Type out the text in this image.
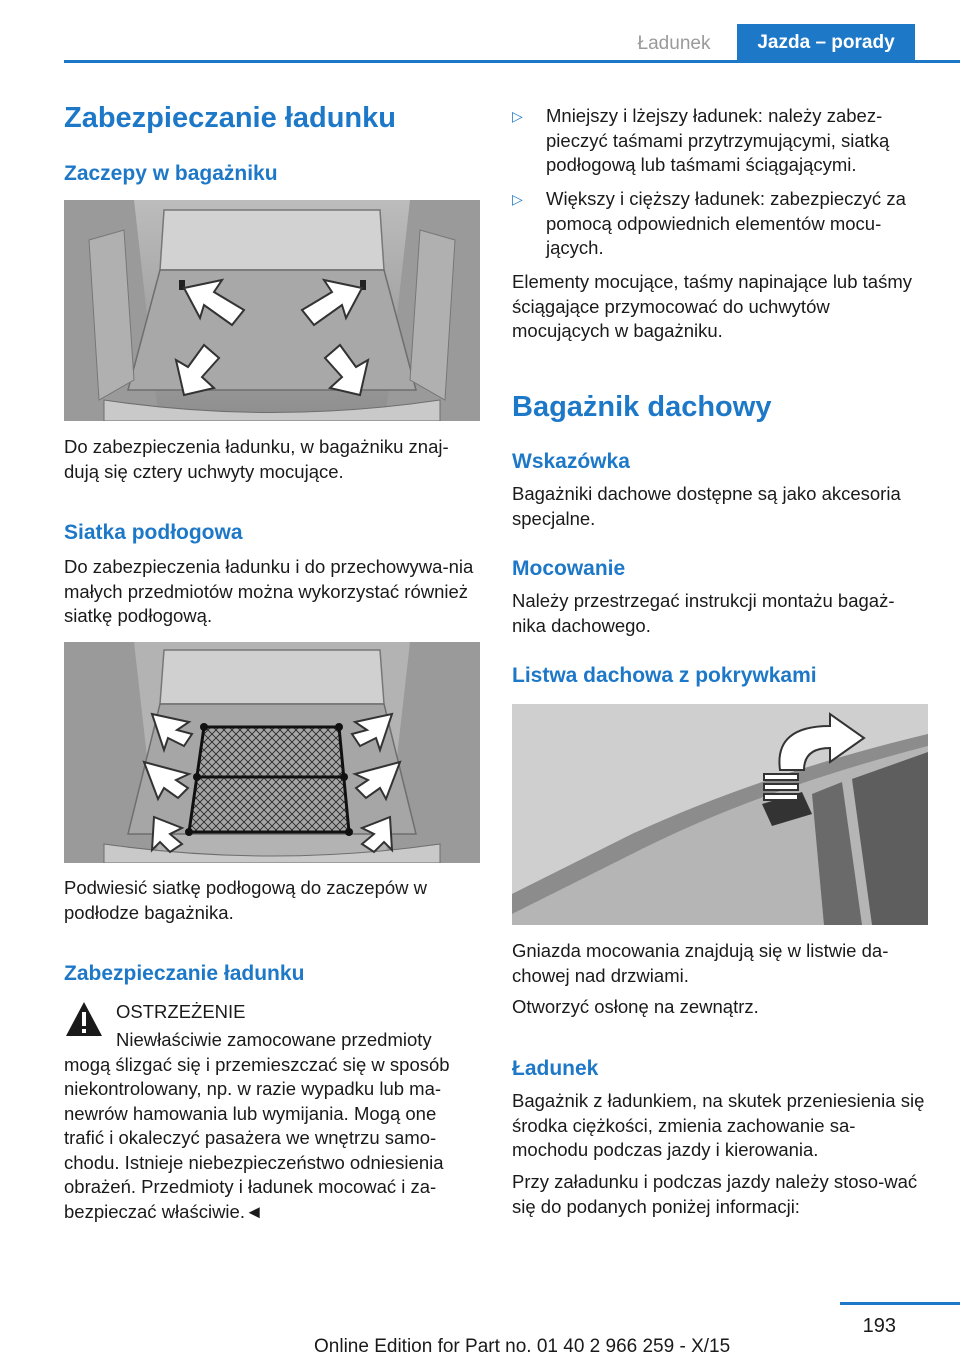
Ładunek	Jazda – porady
Zabezpieczanie ładunku
Zaczepy w bagażniku
Do zabezpieczenia ładunku, w bagażniku znaj-dują się cztery uchwyty mocujące.
Siatka podłogowa
Do zabezpieczenia ładunku i do przechowywa-nia małych przedmiotów można wykorzystać również siatkę podłogową.
Podwiesić siatkę podłogową do zaczepów w podłodze bagażnika.
Zabezpieczanie ładunku
OSTRZEŻENIE
Niewłaściwie zamocowane przedmioty mogą ślizgać się i przemieszczać się w sposób niekontrolowany, np. w razie wypadku lub ma-newrów hamowania lub wymijania. Mogą one trafić i okaleczyć pasażera we wnętrzu samo-chodu. Istnieje niebezpieczeństwo odniesienia obrażeń. Przedmioty i ładunek mocować i za-bezpieczać właściwie.◄
▷ Mniejszy i lżejszy ładunek: należy zabez-pieczyć taśmami przytrzymującymi, siatką podłogową lub taśmami ściągającymi.
▷ Większy i cięższy ładunek: zabezpieczyć za pomocą odpowiednich elementów mocu-jących.
Elementy mocujące, taśmy napinające lub taśmy ściągające przymocować do uchwytów mocujących w bagażniku.
Bagażnik dachowy
Wskazówka
Bagażniki dachowe dostępne są jako akcesoria specjalne.
Mocowanie
Należy przestrzegać instrukcji montażu bagaż-nika dachowego.
Listwa dachowa z pokrywkami
Gniazda mocowania znajdują się w listwie da-chowej nad drzwiami.
Otworzyć osłonę na zewnątrz.
Ładunek
Bagażnik z ładunkiem, na skutek przeniesienia się środka ciężkości, zmienia zachowanie sa-mochodu podczas jazdy i kierowania.
Przy załadunku i podczas jazdy należy stoso-wać się do podanych poniżej informacji:
193
Online Edition for Part no. 01 40 2 966 259 - X/15
